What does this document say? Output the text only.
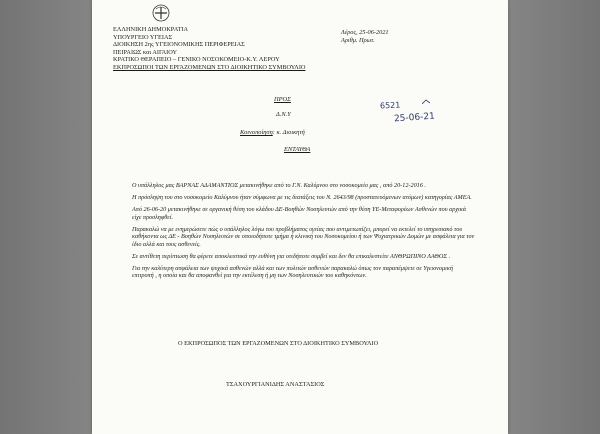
ΕΛΛΗΝΙΚΗ ΔΗΜΟΚΡΑΤΙΑ
ΥΠΟΥΡΓΕΙΟ ΥΓΕΙΑΣ
ΔΙΟΙΚΗΣΗ 2ης ΥΓΕΙΟΝΟΜΙΚΗΣ ΠΕΡΙΦΕΡΕΙΑΣ
ΠΕΙΡΑΙΩΣ και ΑΙΓΑΙΟΥ
ΚΡΑΤΙΚΟ ΘΕΡΑΠΕΙΟ – ΓΕΝΙΚΟ ΝΟΣΟΚΟΜΕΙΟ-Κ.Υ. ΛΕΡΟΥ
ΕΚΠΡΟΣΩΠΟΙ ΤΩΝ ΕΡΓΑΖΟΜΕΝΩΝ ΣΤΟ ΔΙΟΙΚΗΤΙΚΟ ΣΥΜΒΟΥΛΙΟ
Λέρος, 25-06-2021
Αριθμ. Πρωτ.
6521
25-06-21
ΠΡΟΣ
Δ.Ν.Υ
Κοινοποίηση: κ. Διοικητή
ΕΝΤΑΥΘΑ

Ο υπάλληλος μας ΒΑΡΝΑΣ ΑΔΑΜΑΝΤΙΟΣ μετακινήθηκε από το Γ.Ν. Καλύμνου στο νοσοκομείο μας , από 20-12-2016 .

Η πρόσληψη του στο νοσοκομείο Καλύμνου ήταν σύμφωνα με τις διατάξεις του Ν. 2643/98 (προστατευόμενων ατόμων) κατηγορίας ΑΜΕΑ.

Από 26-06-20 μετακινήθηκε σε οργανική θέση του κλάδου ΔΕ-Βοηθών Νοσηλευτών από την θέση ΥΕ-Μεταφορέων Ασθενών που αρχικά είχε προσληφθεί.

Παρακαλώ να με ενημερώσετε πώς ο υπάλληλος λόγω του προβλήματος υγείας που αντιμετωπίζει, μπορεί να εκτελεί το υπηρεσιακό του καθήκοντα ως ΔΕ - Βοηθών Νοσηλευτών σε οποιοδήποτε τμήμα ή κλινική του Νοσοκομείου ή των Ψυχιατρικών Δομών με ασφάλεια για τον ίδιο αλλά και τους ασθενείς.

Σε αντίθετη περίπτωση θα φέρετε αποκλειστικά την ευθύνη για οτιδήποτε συμβεί και δεν θα επικαλεστείτε ΑΝΘΡΩΠΙΝΟ ΛΑΘΟΣ .

Για την καλύτερη ασφάλεια των ψυχικά ασθενών αλλά και των πολιτών ασθενών παρακαλώ όπως τον παραπέμψετε σε Υγειονομική επιτροπή , η οποία και θα αποφανθεί για την εκτέλεση ή μη των Νοσηλευτικών του καθηκόντων.

Ο ΕΚΠΡΟΣΩΠΟΣ ΤΩΝ ΕΡΓΑΖΟΜΕΝΩΝ ΣΤΟ ΔΙΟΙΚΗΤΙΚΟ ΣΥΜΒΟΥΛΙΟ
ΤΣΑΧΟΥΡΓΙΑΝΙΔΗΣ ΑΝΑΣΤΑΣΙΟΣ
